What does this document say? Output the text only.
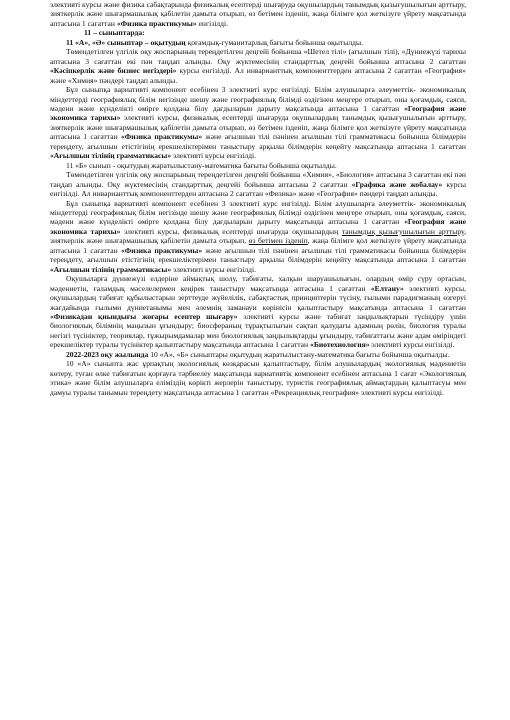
элективті курсы және физика сабақтарында физикалық есептерді шығаруда оқушылардың танымдық қызығушылығын арттыру, зияткерлік және шығармашылық қабілетін дамыта отырып, өз бетімен ізденіп, жаңа білімге қол жеткізуге үйрету мақсатында аптасына 1 сағаттан «Физика практикумы» енгізілді.

11 – сыныптарда:

11 «А», «Ә» сыныптар – оқытудың қоғамдық-гуманитарлық бағыты бойынша оқытылды.

Төмендетілген үлгілік оқу жоспарының тереңдетілген деңгейі бойынша «Шетел тілі» (ағылшын тілі), «Дүниежүзі тарихы аптасына 3 сағаттан екі пән таңдап алынды. Оқу жүктемесінің стандарттық деңгейі бойынша аптасына 2 сағаттан «Кәсіпкерлік және бизнес негіздері» курсы енгізілді. Ал инварианттық компоненттерден аптасына 2 сағаттан «География» және «Химия» пәндері таңдап алынды.

Бұл сыныпқа вариативті компонент есебінен 3 элективті курс енгізілді. Білім алушыларға әлеуметтік- экономикалық міндеттерді географиялық білім негізінде шешу және географиялық білімді өздігінен меңгере отырып, оны қоғамдық, саяси, мәдени және күнделікті өмірге қолдана білу дағдыларын дарыту мақсатында аптасына 1 сағаттан «География және экономика тарихы» элективті курсы, физикалық есептерді шығаруда оқушылардың танымдық қызығушылығын арттыру, зияткерлік және шығармашылық қабілетін дамыта отырып, өз бетімен ізденіп, жаңа білімге қол жеткізуге үйрету мақсатында аптасына 1 сағаттан «Физика практикумы» және ағылшын тілі пәнінен ағылшын тілі грамматикасы бойынша білімдерін тереңдету, ағылшын етістігінің ерекшеліктерімен таныстыру арқылы білімдерін кеңейту мақсатында аптасына 1 сағаттан «Ағылшын тілінің грамматикасы» элективті курсы енгізілді.

11 «Б» сынып - оқытудың жаратылыстану-математика бағыты бойынша оқытылды.

Төмендетілген үлгілік оқу жоспарының тереңдетілген деңгейі бойынша «Химия», «Биология» аптасына 3 сағаттан екі пән таңдап алынды. Оқу жүктемесінің стандарттық деңгейі бойынша аптасына 2 сағаттан «Графика және жобалау» курсы енгізілді. Ал инварианттық компоненттерден аптасына 2 сағаттан «Физика» және «География» пәндері таңдап алынды.

Бұл сыныпқа вариативті компонент есебінен 3 элективті курс енгізілді. Білім алушыларға әлеуметтік- экономикалық міндеттерді географиялық білім негізінде шешу және географиялық білімді өздігінен меңгере отырып, оны қоғамдық, саяси, мәдени және күнделікті өмірге қолдана білу дағдыларын дарыту мақсатында аптасына 1 сағаттан «География және экономика тарихы» элективті курсы, физикалық есептерді шығаруда оқушылардың танымдық қызығушылығын арттыру, зияткерлік және шығармашылық қабілетін дамыта отырып, өз бетімен ізденіп, жаңа білімге қол жеткізуге үйрету мақсатында аптасына 1 сағаттан «Физика практикумы» және ағылшын тілі пәнінен ағылшын тілі грамматикасы бойынша білімдерін тереңдету, ағылшын етістігінің ерекшеліктерімен таныстыру арқылы білімдерін кеңейту мақсатында аптасына 1 сағаттан «Ағылшын тілінің грамматикасы» элективті курсы енгізілді.

Оқушыларға дүниежүзі елдеріне аймақтық шолу, табиғаты, халқын шаруашылығын, олардың өмір сүру ортасын, мәдениетін, ғаламдық мәселелермен кеңірек таныстыру мақсатында аптасына 1 сағаттан «Елтану» элективті курсы, оқушылардың табиғат құбылыстарын зерттеуде жүйелілік, сабақтастық принциптерін түсіну, ғылыми парадигманың өзгеруі жағдайында ғылыми дүниетанымы мен әлемнің заманауи көрінісін қалыптастыру мақсатында аптасына 1 сағаттан «Физикадан қиындығы жоғары есептер шығару» элективті курсы және табиғат заңдылықтарын түсіндіру үшін биологиялық білімнің маңызын ұғындыру; биосфераның тұрақтылығын сақтап қалудағы адамның рөлін, биология туралы негізгі түсініктер, теориялар, тұжырымдамалар мен биологиялық заңдылықтарды ұғындыру, табиғаттағы және адам өміріндегі ерекшеліктер туралы түсініктер қалыптастыру мақсатында аптасына 1 сағаттан «Биотехнология» элективті курсы енгізілді.

2022-2023 оқу жылында 10 «А», «Б» сыныптары оқытудың жаратылыстану-математика бағыты бойынша оқытылды.

10 «А» сыныпта жас ұрпақтың экологиялық көзқарасын қалыптастыру, білім алушылардың экологиялық мәдениетін көтеру, туған өлке табиғатын қорғауға тәрбиелеу мақсатында вариативтік компонент есебінен аптасына 1 сағат «Экологиялық этика» және білім алушыларға еліміздің көрікті жерлерін таныстыру, туристік географиялық аймақтардың қалыптасуы мен дамуы туралы танымын тереңдету мақсатында аптасына 1 сағаттан «Рекреациялық география» элективті курсы енгізілді.
